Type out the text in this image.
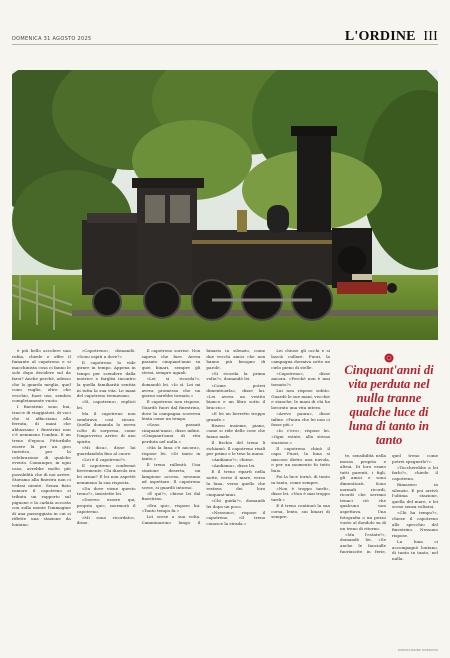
DOMENICA 31 AGOSTO 2025	L'ORDINE III

è più bello accolere una rubia, chiede e offre il fumante al capotreno e si macchinista cosa ci fanno le sole dopo decidere sul da farsi? Anche perché, adesso che lo guardo meglio, quel cono vuglio, oltre che vecchio, fuori uso, sembra completamente vuoto.

I finestrini sono bui, tracce di viaggiatori, di voci che si affacciano alla ferrata, di mani che abbassano i finestrini non c'è nemmeno l'ombra. E un treno d'epoca. Pittoribile essere là per un giro turistico, per la celebrazione di qualche evento. Comunque, in ogni caso, avrebbe molto più possibilità che di noi arrive. Stavamo alla finestra non ci vedrai niente. Senza fiato rumore il capotreno si tributa un rapporto sul pignone e la caduta accosta con sulla mente l'immagine di una passeggiata in cui si riflette una stazione da lontano.

«Capotreno», domandò. «Sono ospiti a dove?»

Il capotreno lo vide girare in tempo. Appena in tempo per scendere dalla motrice e farglisi incontro la quella familiarità sentita in tutta la sua vita. Le mani del capotreno tremavano.

«Sì, capotreno», replicò lei.

Ma il capotreno non sembrava così sicuro. Quella domanda lo aveva colto di sorpresa, come l'improvviso arrivo di uno spirito.

«Mi dica», disse lui guardandola fino al cuore.

«Lei è il capotreno?».

Il capotreno confermò brevemente. Chi diavolo era lei ormai? E lei non aspettò nemmeno la sua risposta.

«Da dove viene questo treno?», insistette lei.

«Dovevo essere qui, proprio qui», mormorò il capotreno.

«Mi sono ricordato», disse.

Il capotreno sorrise. Non sapeva che fare. Aveva passato cinquant'anni su quei binari, sempre gli stessi, sempre uguali.

«Lei si ricorda?», domandò lei. «Io sì. Lei mi aveva promesso che un giorno sarebbe tornato.»

Il capotreno non rispose. Guardò fuori dal finestrino, dove la campagna scorreva lenta come un tempo.

«Sono passati cinquant'anni», disse infine. «Cinquant'anni di vita perduta nel nulla.»

«Ma la luna c'è ancora», rispose lei. «Di tanto in tanto.»

Il treno rallentò. Una stazione deserta, un lampione acceso, nessuno ad aspettare. Il capotreno scese, si guardò intorno.

«È qui?», chiese lei dal finestrino.

«Era qui», rispose lui. «Tanto tempo fa.»

Lei scese a sua volta. Camminarono lungo il binario in silenzio, come due vecchi amici che non hanno più bisogno di parole.

«Si ricorda la prima volta?», domandò lei.

«Come potrei dimenticarla», disse lui. «Lei aveva un vestito bianco e un libro sotto il braccio.»

«E lei un berretto troppo grande.»

Risero insieme, piano, come si ride delle cose che fanno male.

Il fischio del treno li richiamò. Il capotreno risalì per primo e le tese la mano.

«Andiamo?», chiese.

«Andiamo», disse lei.

E il treno ripartì nella notte, verso il mare, verso la luna, verso quello che restava dei loro cinquant'anni.

«Chi guida?», domandò lei dopo un poco.

«Nessuno», rispose il capotreno. «Il treno conosce la strada.»

Lei chiuse gli occhi e si lasciò cullare. Fuori, la campagna dormiva sotto un cielo pieno di stelle.

«Capotreno», disse ancora. «Perché non è mai tornato?»

Lui non rispose subito. Guardò le sue mani, vecchie e stanche, le mani di chi ha lavorato una vita intera.

«Avevo paura», disse infine. «Paura che lei non ci fosse più.»

«Io c'ero», rispose lei. «Ogni estate, alla stessa stazione.»

Il capotreno chinò il capo. Fuori, la luna si nascose dietro una nuvola, e per un momento fu tutto buio.

Poi la luce tornò, di tanto in tanto, come sempre.

«Non è troppo tardi», disse lei. «Non è mai troppo tardi.»

E il treno continuò la sua corsa, lento, sui binari di sempre.

Cinquant'anni di vita perduta nel nulla tranne qualche luce di luna di tanto in tanto

te, sensibilità nella mossa propria e altrui. Di loro erano tutti parenti, i figli, gli amici e sono dimenticati. Sono normali ricordi, ricordi che serrano tenaci ciò che qualcuno non aspettava. Una fotografia o un pezzo vuoto al dondolo su di un treno di ritorno.

«Ma l'estate?», domandò lei. «Se anche le fanciulle fuoriuscite in ferie, quel treno come potrei spegnerlo?».

«Toccherebbe a lei farlo?», chiede il capotreno.

Rimasero in silenzio. E poi arrivò l'ultima stazione, quella del mare, e lei scese senza voltarsi.

«Chi ha tempo?», chiese il capotreno allo specchio del finestrino. Nessuno rispose.

La luna ci accompagnò lontano, di tanto in tanto, nel nulla.

RIPRODUZIONE RISERVATA
